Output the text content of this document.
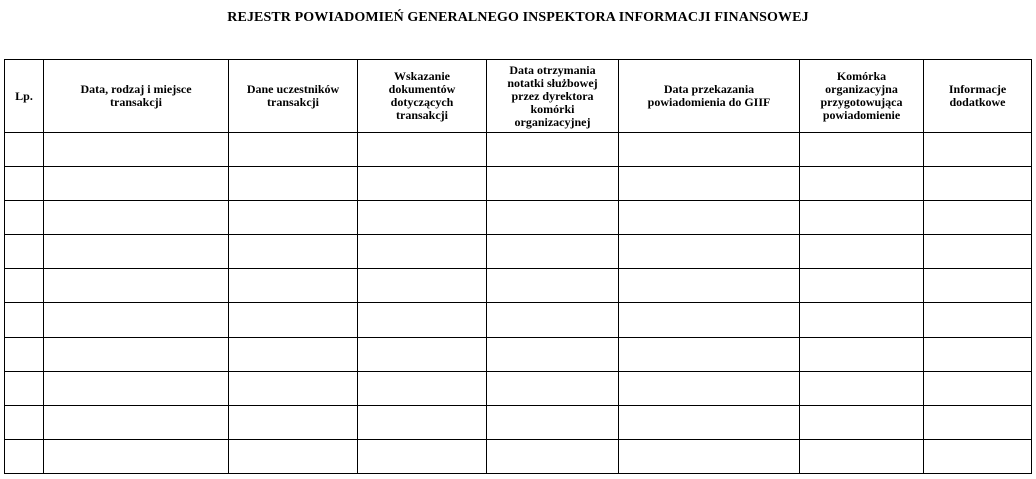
REJESTR POWIADOMIEŃ GENERALNEGO INSPEKTORA INFORMACJI FINANSOWEJ
Lp.	Data, rodzaj i miejsce transakcji	Dane uczestników transakcji	Wskazanie dokumentów dotyczących transakcji	Data otrzymania notatki służbowej przez dyrektora komórki organizacyjnej	Data przekazania powiadomienia do GIIF	Komórka organizacyjna przygotowująca powiadomienie	Informacje dodatkowe
